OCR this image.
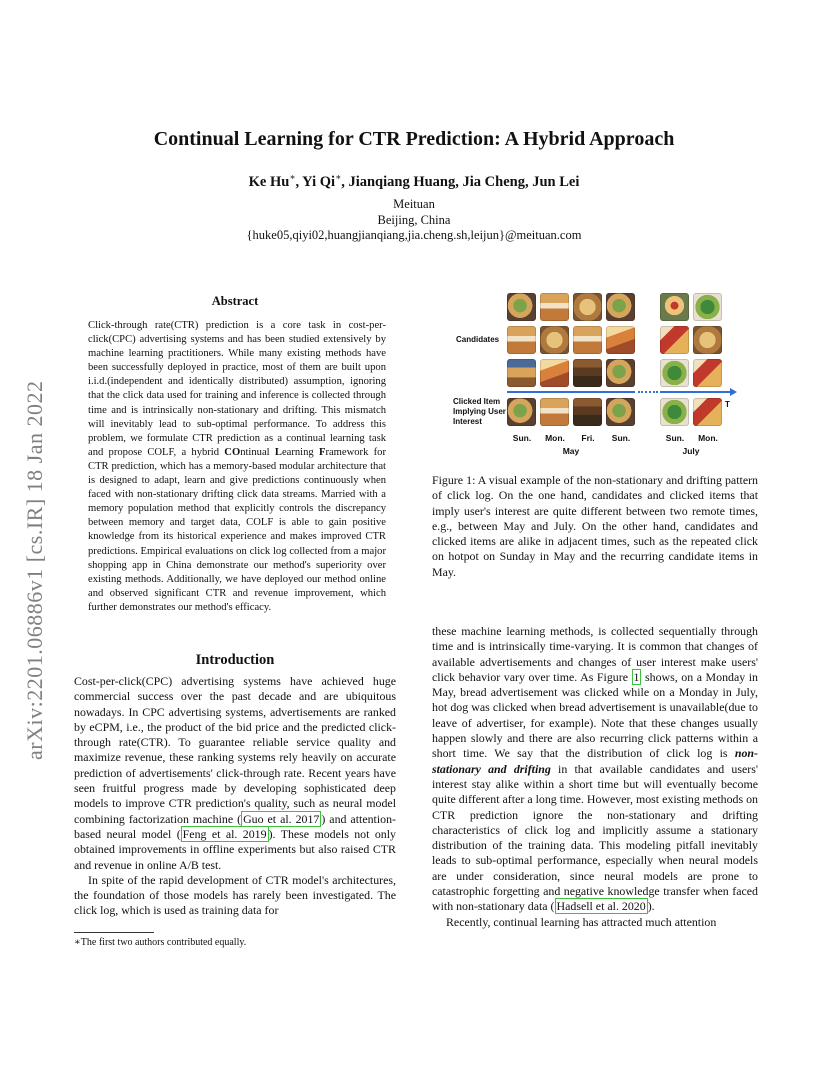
arXiv:2201.06886v1 [cs.IR] 18 Jan 2022
Continual Learning for CTR Prediction: A Hybrid Approach
Ke Hu∗, Yi Qi∗, Jianqiang Huang, Jia Cheng, Jun Lei
Meituan
Beijing, China
{huke05,qiyi02,huangjianqiang,jia.cheng.sh,leijun}@meituan.com
Abstract
Click-through rate(CTR) prediction is a core task in cost-per-click(CPC) advertising systems and has been studied extensively by machine learning practitioners. While many existing methods have been successfully deployed in practice, most of them are built upon i.i.d.(independent and identically distributed) assumption, ignoring that the click data used for training and inference is collected through time and is intrinsically non-stationary and drifting. This mismatch will inevitably lead to sub-optimal performance. To address this problem, we formulate CTR prediction as a continual learning task and propose COLF, a hybrid COntinual Learning Framework for CTR prediction, which has a memory-based modular architecture that is designed to adapt, learn and give predictions continuously when faced with non-stationary drifting click data streams. Married with a memory population method that explicitly controls the discrepancy between memory and target data, COLF is able to gain positive knowledge from its historical experience and makes improved CTR predictions. Empirical evaluations on click log collected from a major shopping app in China demonstrate our method's superiority over existing methods. Additionally, we have deployed our method online and observed significant CTR and revenue improvement, which further demonstrates our method's efficacy.
Introduction

Cost-per-click(CPC) advertising systems have achieved huge commercial success over the past decade and are ubiquitous nowadays. In CPC advertising systems, advertisements are ranked by eCPM, i.e., the product of the bid price and the predicted click-through rate(CTR). To guarantee reliable service quality and maximize revenue, these ranking systems rely heavily on accurate prediction of advertisements' click-through rate. Recent years have seen fruitful progress made by developing sophisticated deep models to improve CTR prediction's quality, such as neural model combining factorization machine ( Guo et al. 2017 ) and attention-based neural model ( Feng et al. 2019 ). These models not only obtained improvements in offline experiments but also raised CTR and revenue in online A/B test.

In spite of the rapid development of CTR model's architectures, the foundation of those models has rarely been investigated. The click log, which is used as training data for

∗The first two authors contributed equally.
Candidates
Clicked Item Implying User Interest
T
Sun.	Mon.	Fri.	Sun.	Sun.	Mon.
May	July
Figure 1: A visual example of the non-stationary and drifting pattern of click log. On the one hand, candidates and clicked items that imply user's interest are quite different between two remote times, e.g., between May and July. On the other hand, candidates and clicked items are alike in adjacent times, such as the repeated click on hotpot on Sunday in May and the recurring candidate items in May.

these machine learning methods, is collected sequentially through time and is intrinsically time-varying. It is common that changes of available advertisements and changes of user interest make users' click behavior vary over time. As Figure 1 shows, on a Monday in May, bread advertisement was clicked while on a Monday in July, hot dog was clicked when bread advertisement is unavailable(due to leave of advertiser, for example). Note that these changes usually happen slowly and there are also recurring click patterns within a short time. We say that the distribution of click log is non-stationary and drifting in that available candidates and users' interest stay alike within a short time but will eventually become quite different after a long time. However, most existing methods on CTR prediction ignore the non-stationary and drifting characteristics of click log and implicitly assume a stationary distribution of the training data. This modeling pitfall inevitably leads to sub-optimal performance, especially when neural models are under consideration, since neural models are prone to catastrophic forgetting and negative knowledge transfer when faced with non-stationary data ( Hadsell et al. 2020 ).

Recently, continual learning has attracted much attention
